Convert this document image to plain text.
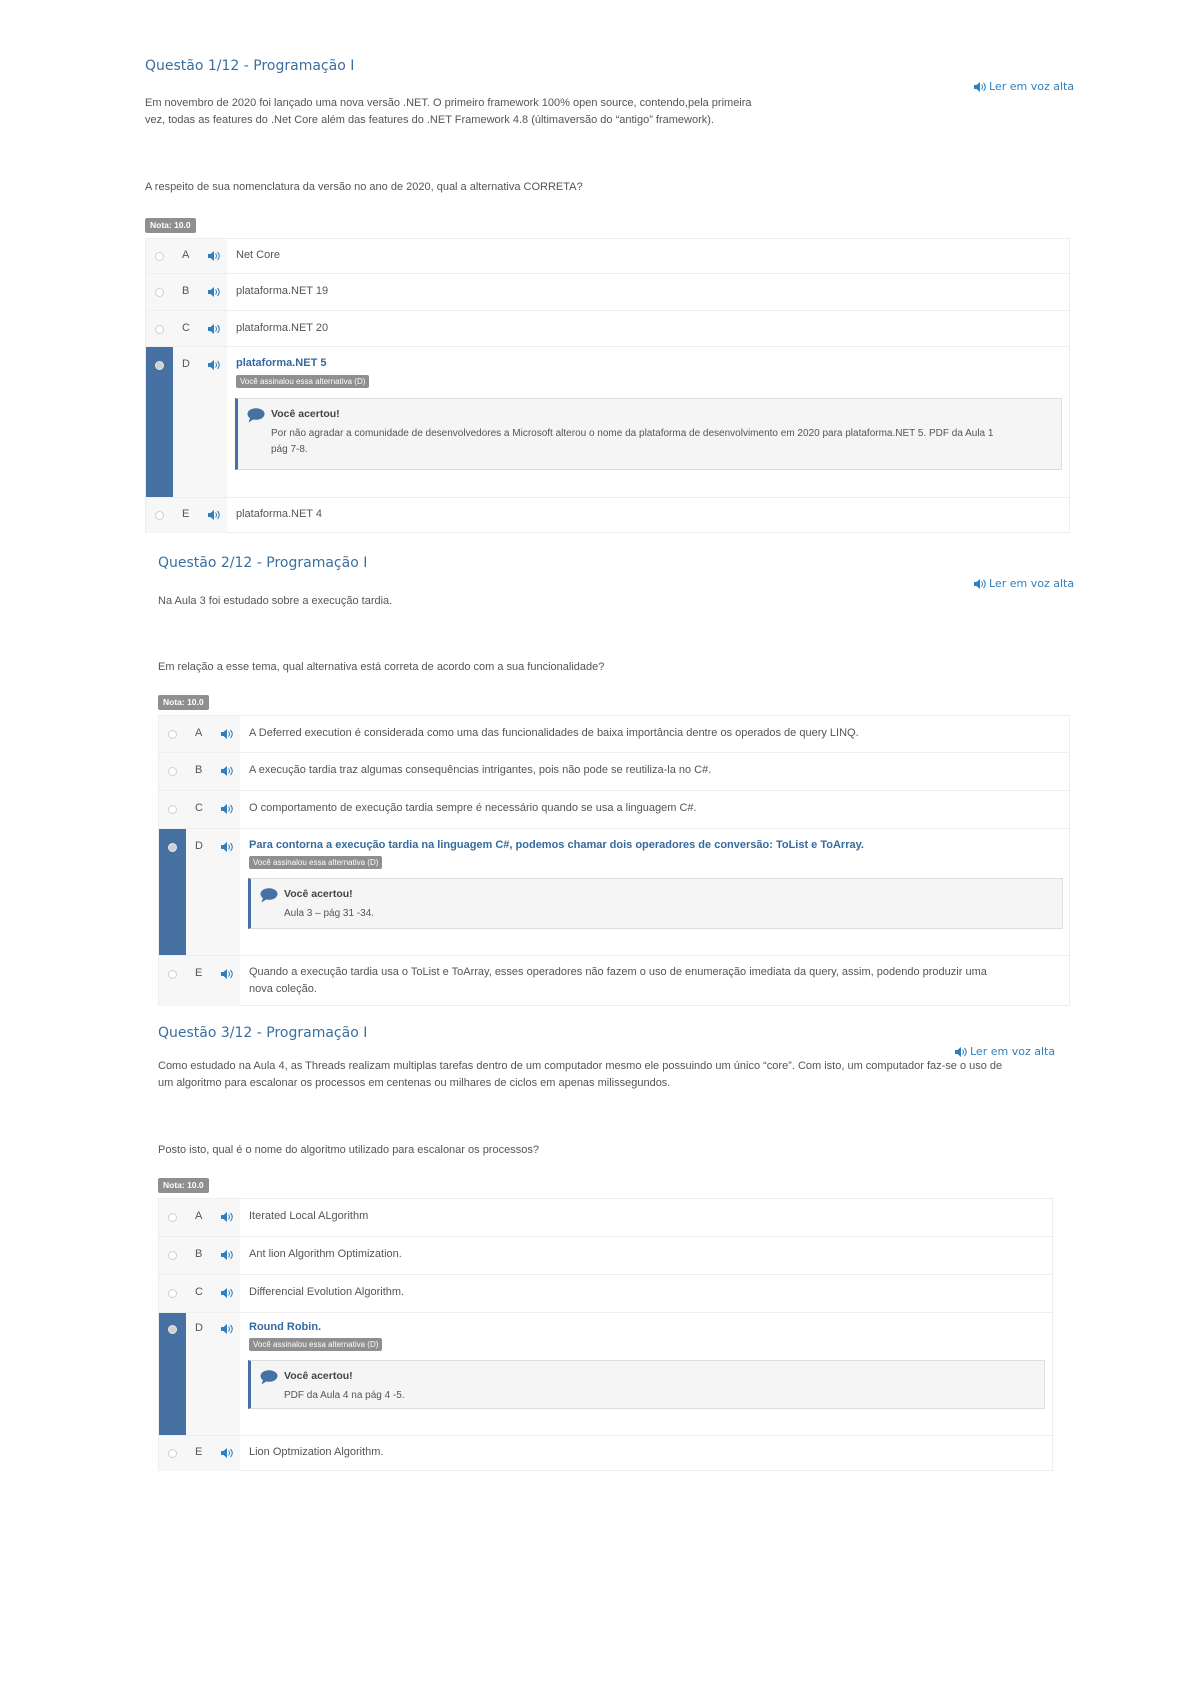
Questão 1/12 - Programação I
Ler em voz alta
Em novembro de 2020 foi lançado uma nova versão .NET. O primeiro framework 100% open source, contendo,pela primeira
vez, todas as features do .Net Core além das features do .NET Framework 4.8 (últimaversão do “antigo” framework).
A respeito de sua nomenclatura da versão no ano de 2020, qual a alternativa CORRETA?
Nota: 10.0
A	Net Core
B	plataforma.NET 19
C	plataforma.NET 20
D	plataforma.NET 5
Você assinalou essa alternativa (D)
Você acertou!
Por não agradar a comunidade de desenvolvedores a Microsoft alterou o nome da plataforma de desenvolvimento em 2020 para plataforma.NET 5. PDF da Aula 1
pág 7-8.
E	plataforma.NET 4
Questão 2/12 - Programação I
Ler em voz alta
Na Aula 3 foi estudado sobre a execução tardia.
Em relação a esse tema, qual alternativa está correta de acordo com a sua funcionalidade?
Nota: 10.0
A	A Deferred execution é considerada como uma das funcionalidades de baixa importância dentre os operados de query LINQ.
B	A execução tardia traz algumas consequências intrigantes, pois não pode se reutiliza-la no C#.
C	O comportamento de execução tardia sempre é necessário quando se usa a linguagem C#.
D	Para contorna a execução tardia na linguagem C#, podemos chamar dois operadores de conversão: ToList e ToArray.
Você assinalou essa alternativa (D)
Você acertou!
Aula 3 – pág 31 -34.
E	Quando a execução tardia usa o ToList e ToArray, esses operadores não fazem o uso de enumeração imediata da query, assim, podendo produzir uma
nova coleção.
Questão 3/12 - Programação I
Ler em voz alta
Como estudado na Aula 4, as Threads realizam multiplas tarefas dentro de um computador mesmo ele possuindo um único “core”. Com isto, um computador faz-se o uso de
um algoritmo para escalonar os processos em centenas ou milhares de ciclos em apenas milissegundos.
Posto isto, qual é o nome do algoritmo utilizado para escalonar os processos?
Nota: 10.0
A	Iterated Local ALgorithm
B	Ant lion Algorithm Optimization.
C	Differencial Evolution Algorithm.
D	Round Robin.
Você assinalou essa alternativa (D)
Você acertou!
PDF da Aula 4 na pág 4 -5.
E	Lion Optmization Algorithm.
